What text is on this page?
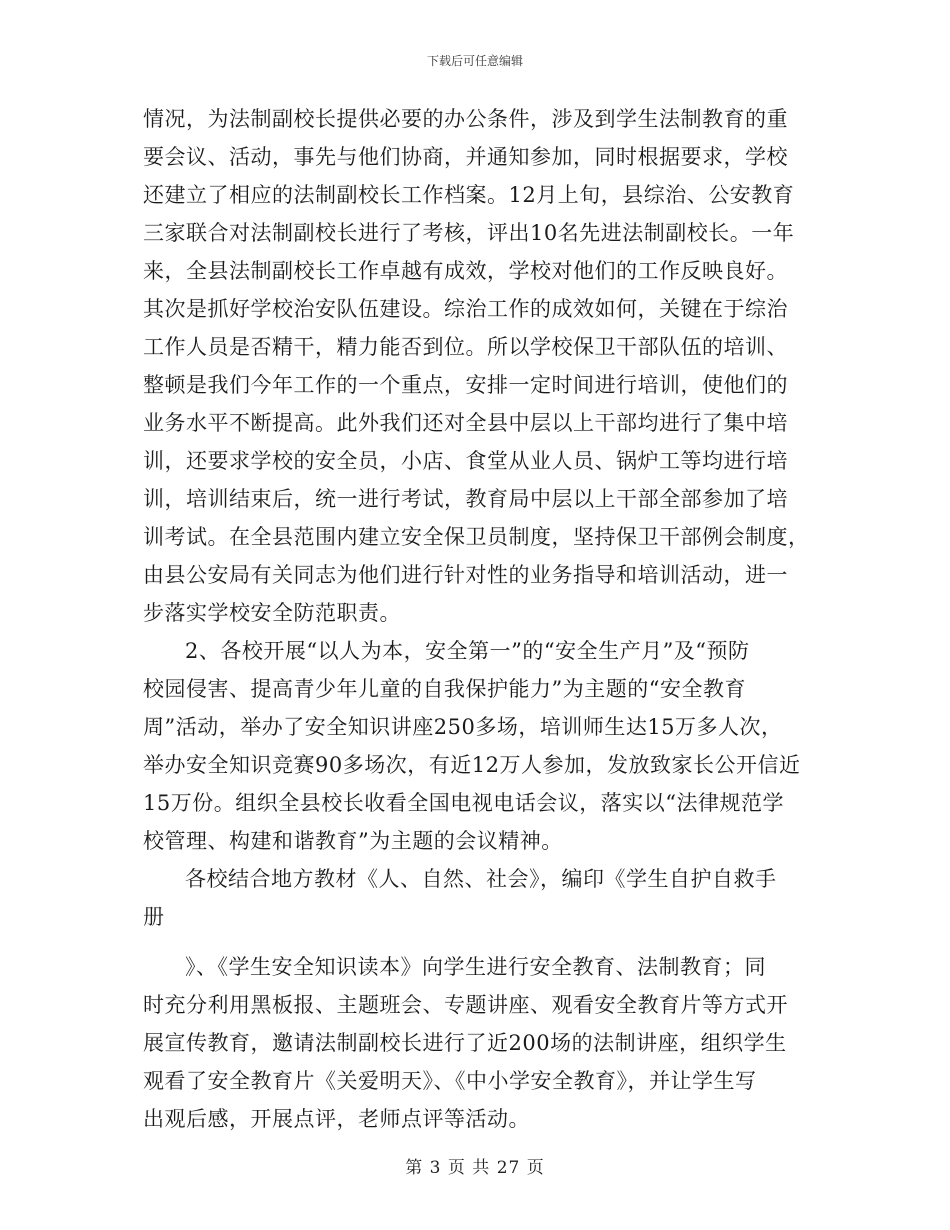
下载后可任意编辑
情况，为法制副校长提供必要的办公条件，涉及到学生法制教育的重
要会议、活动，事先与他们协商，并通知参加，同时根据要求，学校
还建立了相应的法制副校长工作档案。12月上旬，县综治、公安教育
三家联合对法制副校长进行了考核，评出10名先进法制副校长。一年
来，全县法制副校长工作卓越有成效，学校对他们的工作反映良好。
其次是抓好学校治安队伍建设。综治工作的成效如何，关键在于综治
工作人员是否精干，精力能否到位。所以学校保卫干部队伍的培训、
整顿是我们今年工作的一个重点，安排一定时间进行培训，使他们的
业务水平不断提高。此外我们还对全县中层以上干部均进行了集中培
训，还要求学校的安全员，小店、食堂从业人员、锅炉工等均进行培
训，培训结束后，统一进行考试，教育局中层以上干部全部参加了培
训考试。在全县范围内建立安全保卫员制度，坚持保卫干部例会制度，
由县公安局有关同志为他们进行针对性的业务指导和培训活动，进一
步落实学校安全防范职责。
2、各校开展“以人为本，安全第一”的“安全生产月”及“预防
校园侵害、提高青少年儿童的自我保护能力”为主题的“安全教育
周”活动，举办了安全知识讲座250多场，培训师生达15万多人次，
举办安全知识竞赛90多场次，有近12万人参加，发放致家长公开信近
15万份。组织全县校长收看全国电视电话会议，落实以“法律规范学
校管理、构建和谐教育”为主题的会议精神。
各校结合地方教材《人、自然、社会》，编印《学生自护自救手
册
》、《学生安全知识读本》向学生进行安全教育、法制教育；同
时充分利用黑板报、主题班会、专题讲座、观看安全教育片等方式开
展宣传教育，邀请法制副校长进行了近200场的法制讲座，组织学生
观看了安全教育片《关爱明天》、《中小学安全教育》，并让学生写
出观后感，开展点评，老师点评等活动。
第 3 页 共 27 页
